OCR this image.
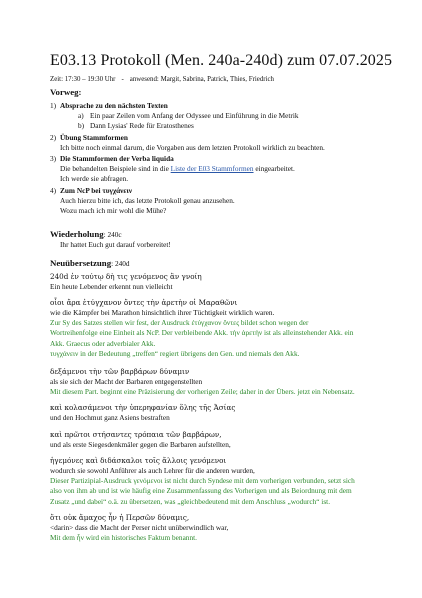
E03.13 Protokoll (Men. 240a-240d) zum 07.07.2025
Zeit: 17:30 – 19:30 Uhr - anwesend: Margit, Sabrina, Patrick, Thies, Friedrich
Vorweg:
1) Absprache zu den nächsten Texten
a) Ein paar Zeilen vom Anfang der Odyssee und Einführung in die Metrik
b) Dann Lysias' Rede für Eratosthenes
2) Übung Stammformen
Ich bitte noch einmal darum, die Vorgaben aus dem letzten Protokoll wirklich zu beachten.
3) Die Stammformen der Verba liquida
Die behandelten Beispiele sind in die Liste der E03 Stammformen eingearbeitet.
Ich werde sie abfragen.
4) Zum NcP bei τυγχάνειν
Auch hierzu bitte ich, das letzte Protokoll genau anzusehen.
Wozu mach ich mir wohl die Mühe?
Wiederholung: 240c
Ihr hattet Euch gut darauf vorbereitet!
Neuübersetzung: 240d

240d ἐν τούτῳ δὴ τις γενόμενος ἂν γνοίη

Ein heute Lebender erkennt nun vielleicht

οἷοι ἄρα ἐτύγχανον ὄντες τὴν ἀρετὴν οἱ Μαραθῶνι

wie die Kämpfer bei Marathon hinsichtlich ihrer Tüchtigkeit wirklich waren.

Zur Sy des Satzes stellen wir fest, der Ausdruck ἐτύγχανον ὄντες bildet schon wegen der

Wortreihenfolge eine Einheit als NcP. Der verbleibende Akk. τὴν ἀρετὴν ist als alleinstehender Akk. ein

Akk. Graecus oder adverbialer Akk.

τυγχάνειν in der Bedeutung „treffen“ regiert übrigens den Gen. und niemals den Akk.

δεξάμενοι τὴν τῶν βαρβάρων δύναμιν

als sie sich der Macht der Barbaren entgegenstellten

Mit diesem Part. beginnt eine Präzisierung der vorherigen Zeile; daher in der Übers. jetzt ein Nebensatz.

καὶ κολασάμενοι τὴν ὑπερηφανίαν ὅλης τῆς Ἀσίας

und den Hochmut ganz Asiens bestraften

καὶ πρῶτοι στήσαντες τρόπαια τῶν βαρβάρων,

und als erste Siegesdenkmäler gegen die Barbaren aufstellten,

ἡγεμόνες καὶ διδάσκαλοι τοῖς ἄλλοις γενόμενοι

wodurch sie sowohl Anführer als auch Lehrer für die anderen wurden,

Dieser Partizipial-Ausdruck γενόμενοι ist nicht durch Syndese mit dem vorherigen verbunden, setzt sich

also von ihm ab und ist wie häufig eine Zusammenfassung des Vorherigen und als Beiordnung mit dem

Zusatz „und dabei“ o.ä. zu übersetzen, was „gleichbedeutend mit dem Anschluss „wodurch“ ist.

ὅτι οὐκ ἄμαχος ἦν ἡ Περσῶν δύναμις,

<darin> dass die Macht der Perser nicht unüberwindlich war,

Mit dem ἦν wird ein historisches Faktum benannt.
